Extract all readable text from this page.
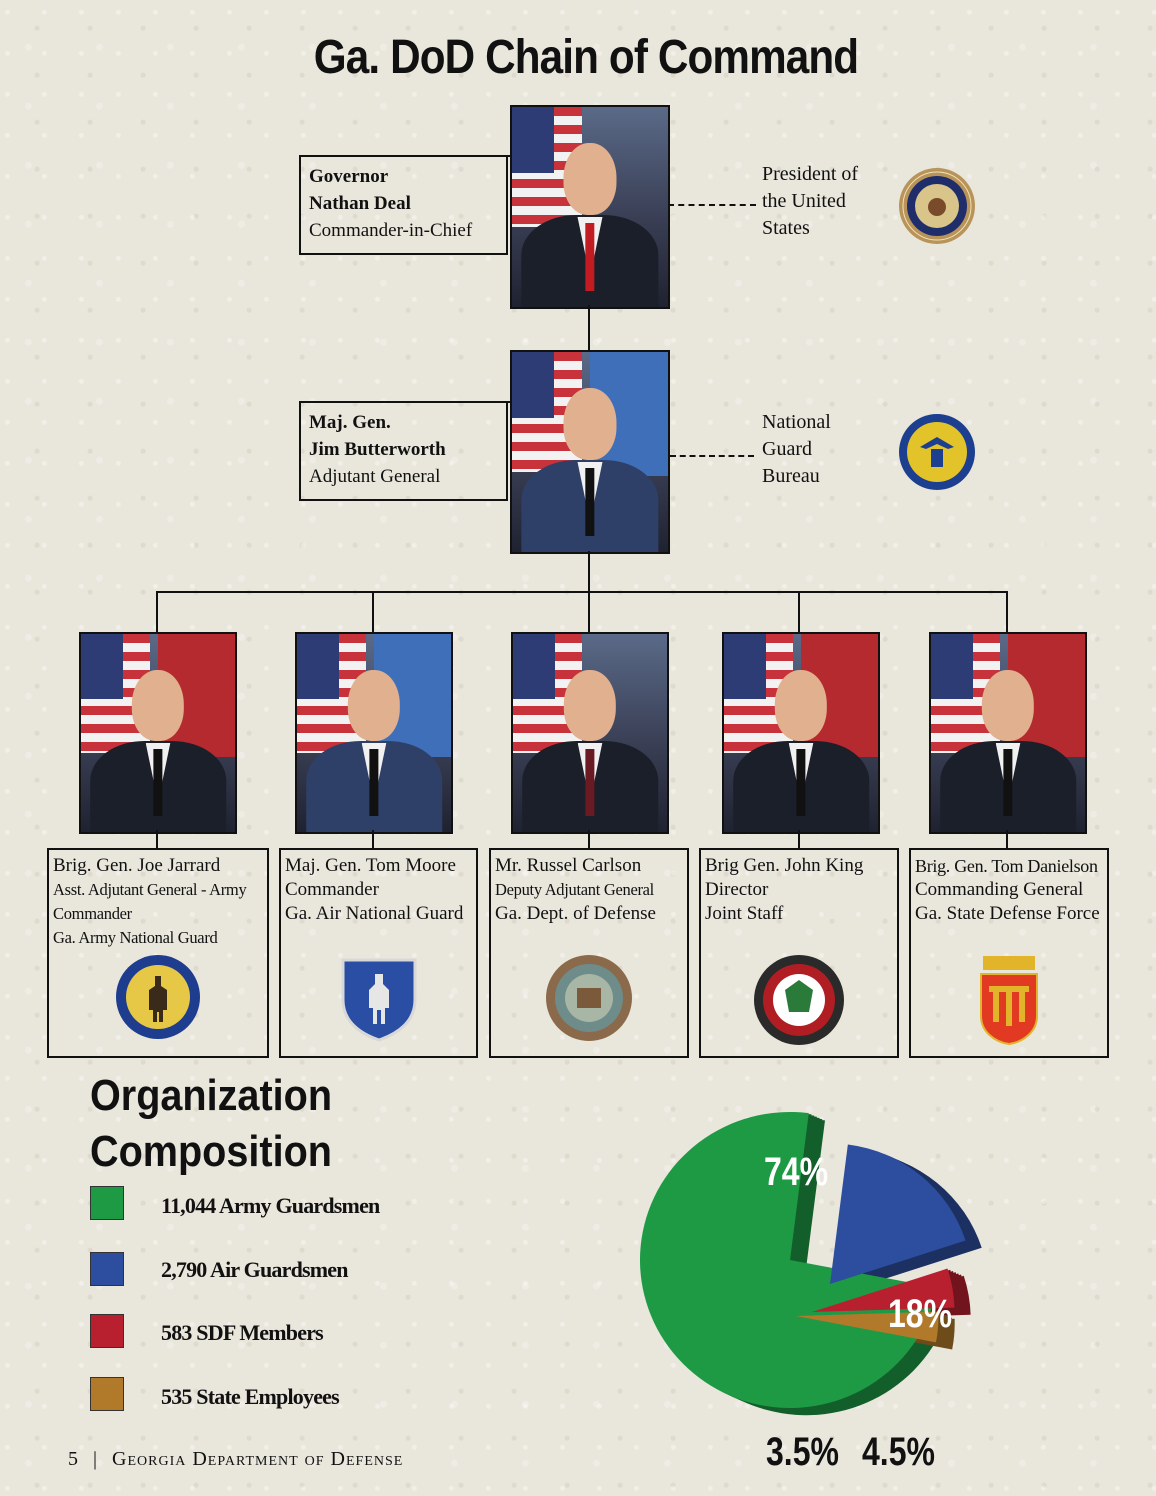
Ga. DoD Chain of Command
Governor
Nathan Deal
Commander-in-Chief
President of
the United
States
Maj. Gen.
Jim Butterworth
Adjutant General
National
Guard
Bureau
Brig. Gen. Joe Jarrard
Asst. Adjutant General - Army
Commander
Ga. Army National Guard
Maj. Gen. Tom Moore
Commander
Ga. Air National Guard
Mr. Russel Carlson
Deputy Adjutant General
Ga. Dept. of Defense
Brig Gen. John King
Director
Joint Staff
Brig. Gen. Tom Danielson
Commanding General
Ga. State Defense Force
Organization
Composition
11,044 Army Guardsmen
2,790 Air Guardsmen
583 SDF Members
535 State Employees
74%
18%
3.5% 4.5%
5 | Georgia Department of Defense
